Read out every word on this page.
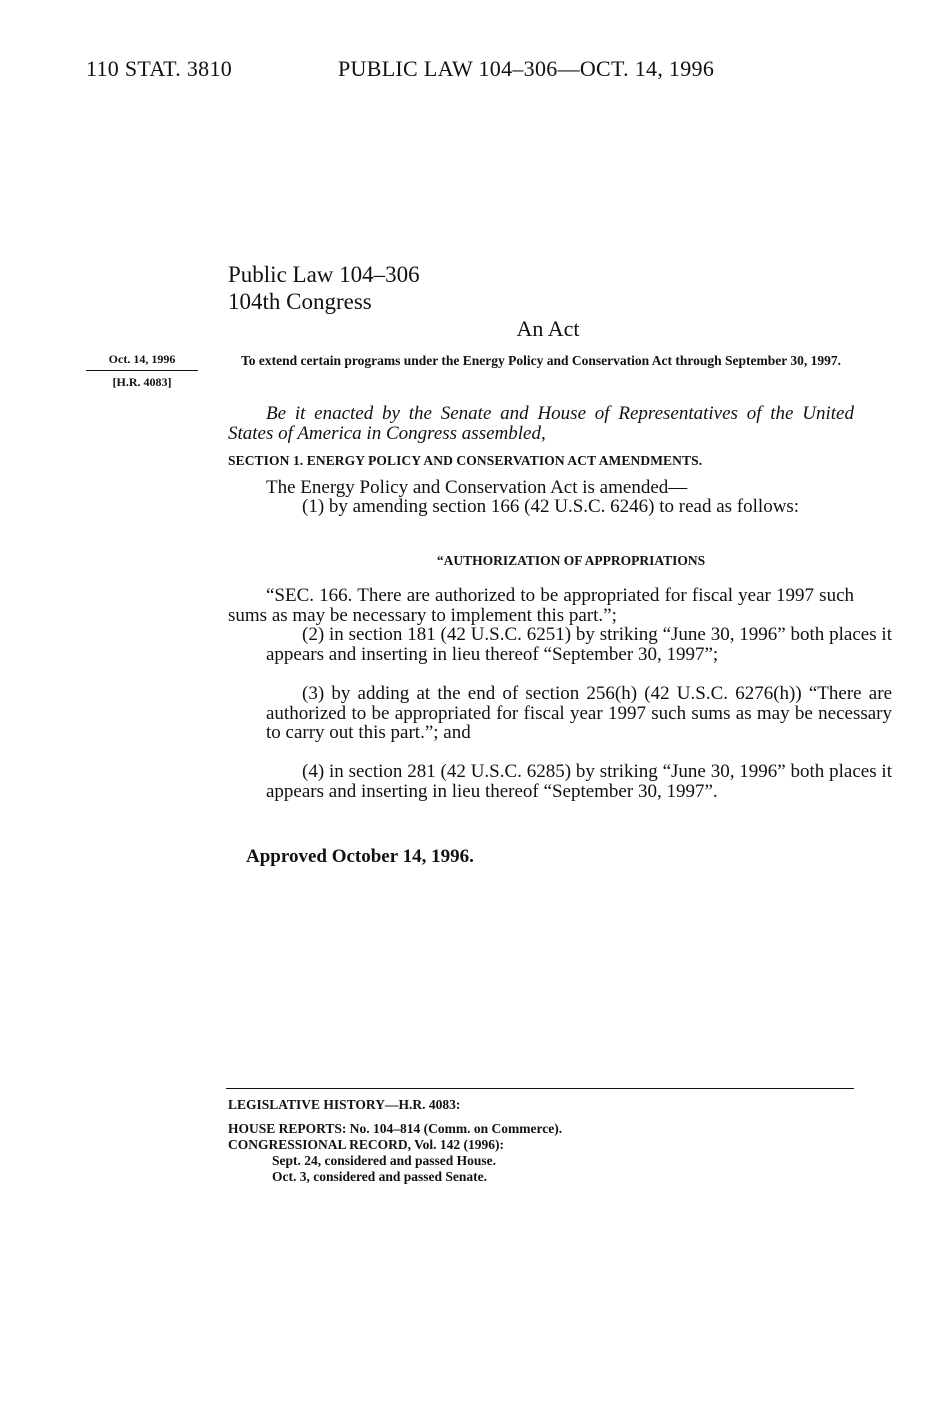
110 STAT. 3810	PUBLIC LAW 104–306—OCT. 14, 1996
Public Law 104–306
104th Congress
An Act
Oct. 14, 1996
[H.R. 4083]
To extend certain programs under the Energy Policy and Conservation Act through September 30, 1997.
Be it enacted by the Senate and House of Representatives of the United States of America in Congress assembled,
SECTION 1. ENERGY POLICY AND CONSERVATION ACT AMENDMENTS.
The Energy Policy and Conservation Act is amended—
(1) by amending section 166 (42 U.S.C. 6246) to read as follows:
“AUTHORIZATION OF APPROPRIATIONS
“SEC. 166. There are authorized to be appropriated for fiscal year 1997 such sums as may be necessary to implement this part.”;
(2) in section 181 (42 U.S.C. 6251) by striking “June 30, 1996” both places it appears and inserting in lieu thereof “September 30, 1997”;
(3) by adding at the end of section 256(h) (42 U.S.C. 6276(h)) “There are authorized to be appropriated for fiscal year 1997 such sums as may be necessary to carry out this part.”; and
(4) in section 281 (42 U.S.C. 6285) by striking “June 30, 1996” both places it appears and inserting in lieu thereof “September 30, 1997”.
Approved October 14, 1996.
LEGISLATIVE HISTORY—H.R. 4083:
HOUSE REPORTS: No. 104–814 (Comm. on Commerce).
CONGRESSIONAL RECORD, Vol. 142 (1996):
Sept. 24, considered and passed House.
Oct. 3, considered and passed Senate.
